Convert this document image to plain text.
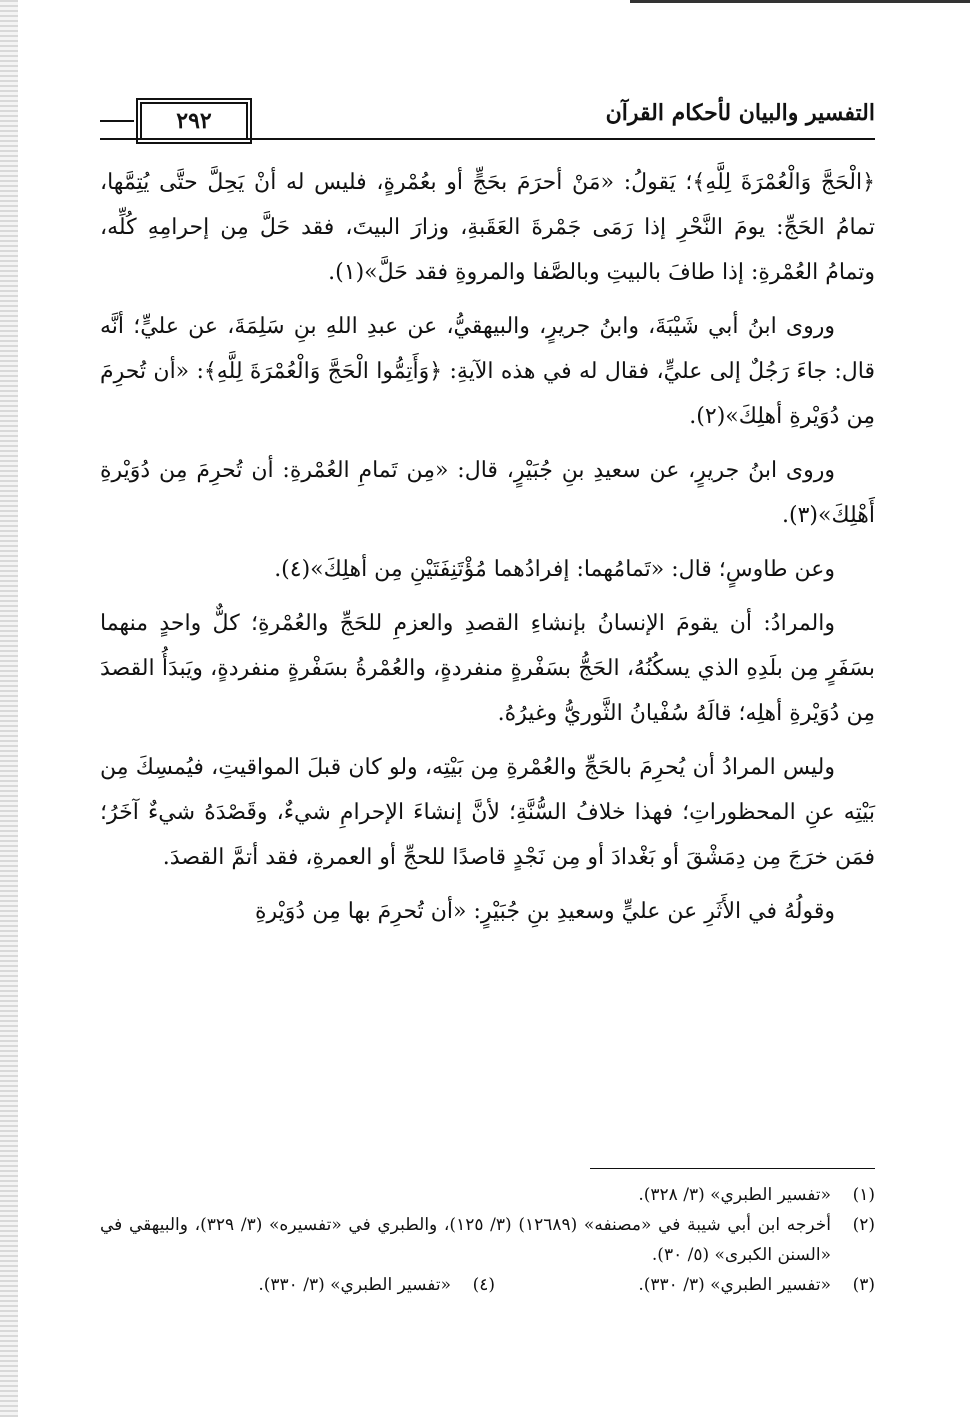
التفسير والبيان لأحكام القرآن
٢٩٢

﴿الْحَجَّ وَالْعُمْرَةَ لِلَّهِ﴾؛ يَقولُ: «مَنْ أحرَمَ بحَجٍّ أو بعُمْرةٍ، فليس له أنْ يَحِلَّ حتَّى يُتِمَّها، تمامُ الحَجِّ: يومَ النَّحْرِ إذا رَمَى جَمْرةَ العَقَبةِ، وزارَ البيتَ، فقد حَلَّ مِن إحرامِهِ كُلِّه، وتمامُ العُمْرةِ: إذا طافَ بالبيتِ وبالصَّفا والمروةِ فقد حَلَّ»(١).

وروى ابنُ أبي شَيْبَةَ، وابنُ جريرٍ، والبيهقيُّ، عن عبدِ اللهِ بنِ سَلِمَةَ، عن عليٍّ؛ أنَّه قال: جاءَ رَجُلٌ إلى عليٍّ، فقال له في هذه الآيةِ: ﴿وَأَتِمُّوا الْحَجَّ وَالْعُمْرَةَ لِلَّهِ﴾: «أن تُحرِمَ مِن دُوَيْرةِ أهلِكَ»(٢).

وروى ابنُ جريرٍ، عن سعيدِ بنِ جُبَيْرٍ، قال: «مِن تَمامِ العُمْرةِ: أن تُحرِمَ مِن دُوَيْرةِ أَهْلِكَ»(٣).

وعن طاوسٍ؛ قال: «تَمامُهما: إفرادُهما مُؤْتَنِفَتَيْنِ مِن أهلِكَ»(٤).

والمرادُ: أن يقومَ الإنسانُ بإنشاءِ القصدِ والعزمِ للحَجِّ والعُمْرةِ؛ كلٌّ واحدٍ منهما بسَفَرٍ مِن بلَدِهِ الذي يسكُنُهُ، الحَجُّ بسَفْرةٍ منفردةٍ، والعُمْرةُ بسَفْرةٍ منفردةٍ، ويَبدَأُ القصدَ مِن دُوَيْرةِ أهلِه؛ قالَهُ سُفْيانُ الثَّوريُّ وغيرُهُ.

وليس المرادُ أن يُحرِمَ بالحَجِّ والعُمْرةِ مِن بَيْتِه، ولو كان قبلَ المواقيتِ، فيُمسِكَ مِن بَيْتِه عنِ المحظوراتِ؛ فهذا خلافُ السُّنَّةِ؛ لأنَّ إنشاءَ الإحرامِ شيءٌ، وقَصْدَهُ شيءٌ آخَرُ؛ فمَن خرَجَ مِن دِمَشْقَ أو بَغْدادَ أو مِن نَجْدٍ قاصدًا للحجِّ أو العمرةِ، فقد أتمَّ القصدَ.

وقولُهُ في الأَثَرِ عن عليٍّ وسعيدِ بنِ جُبَيْرٍ: «أن تُحرِمَ بها مِن دُوَيْرةِ

(١)
«تفسير الطبري» (٣/ ٣٢٨).
(٢)
أخرجه ابن أبي شيبة في «مصنفه» (١٢٦٨٩) (٣/ ١٢٥)، والطبري في «تفسيره» (٣/ ٣٢٩)، والبيهقي في «السنن الكبرى» (٥/ ٣٠).
(٣)
«تفسير الطبري» (٣/ ٣٣٠).
(٤)
«تفسير الطبري» (٣/ ٣٣٠).
